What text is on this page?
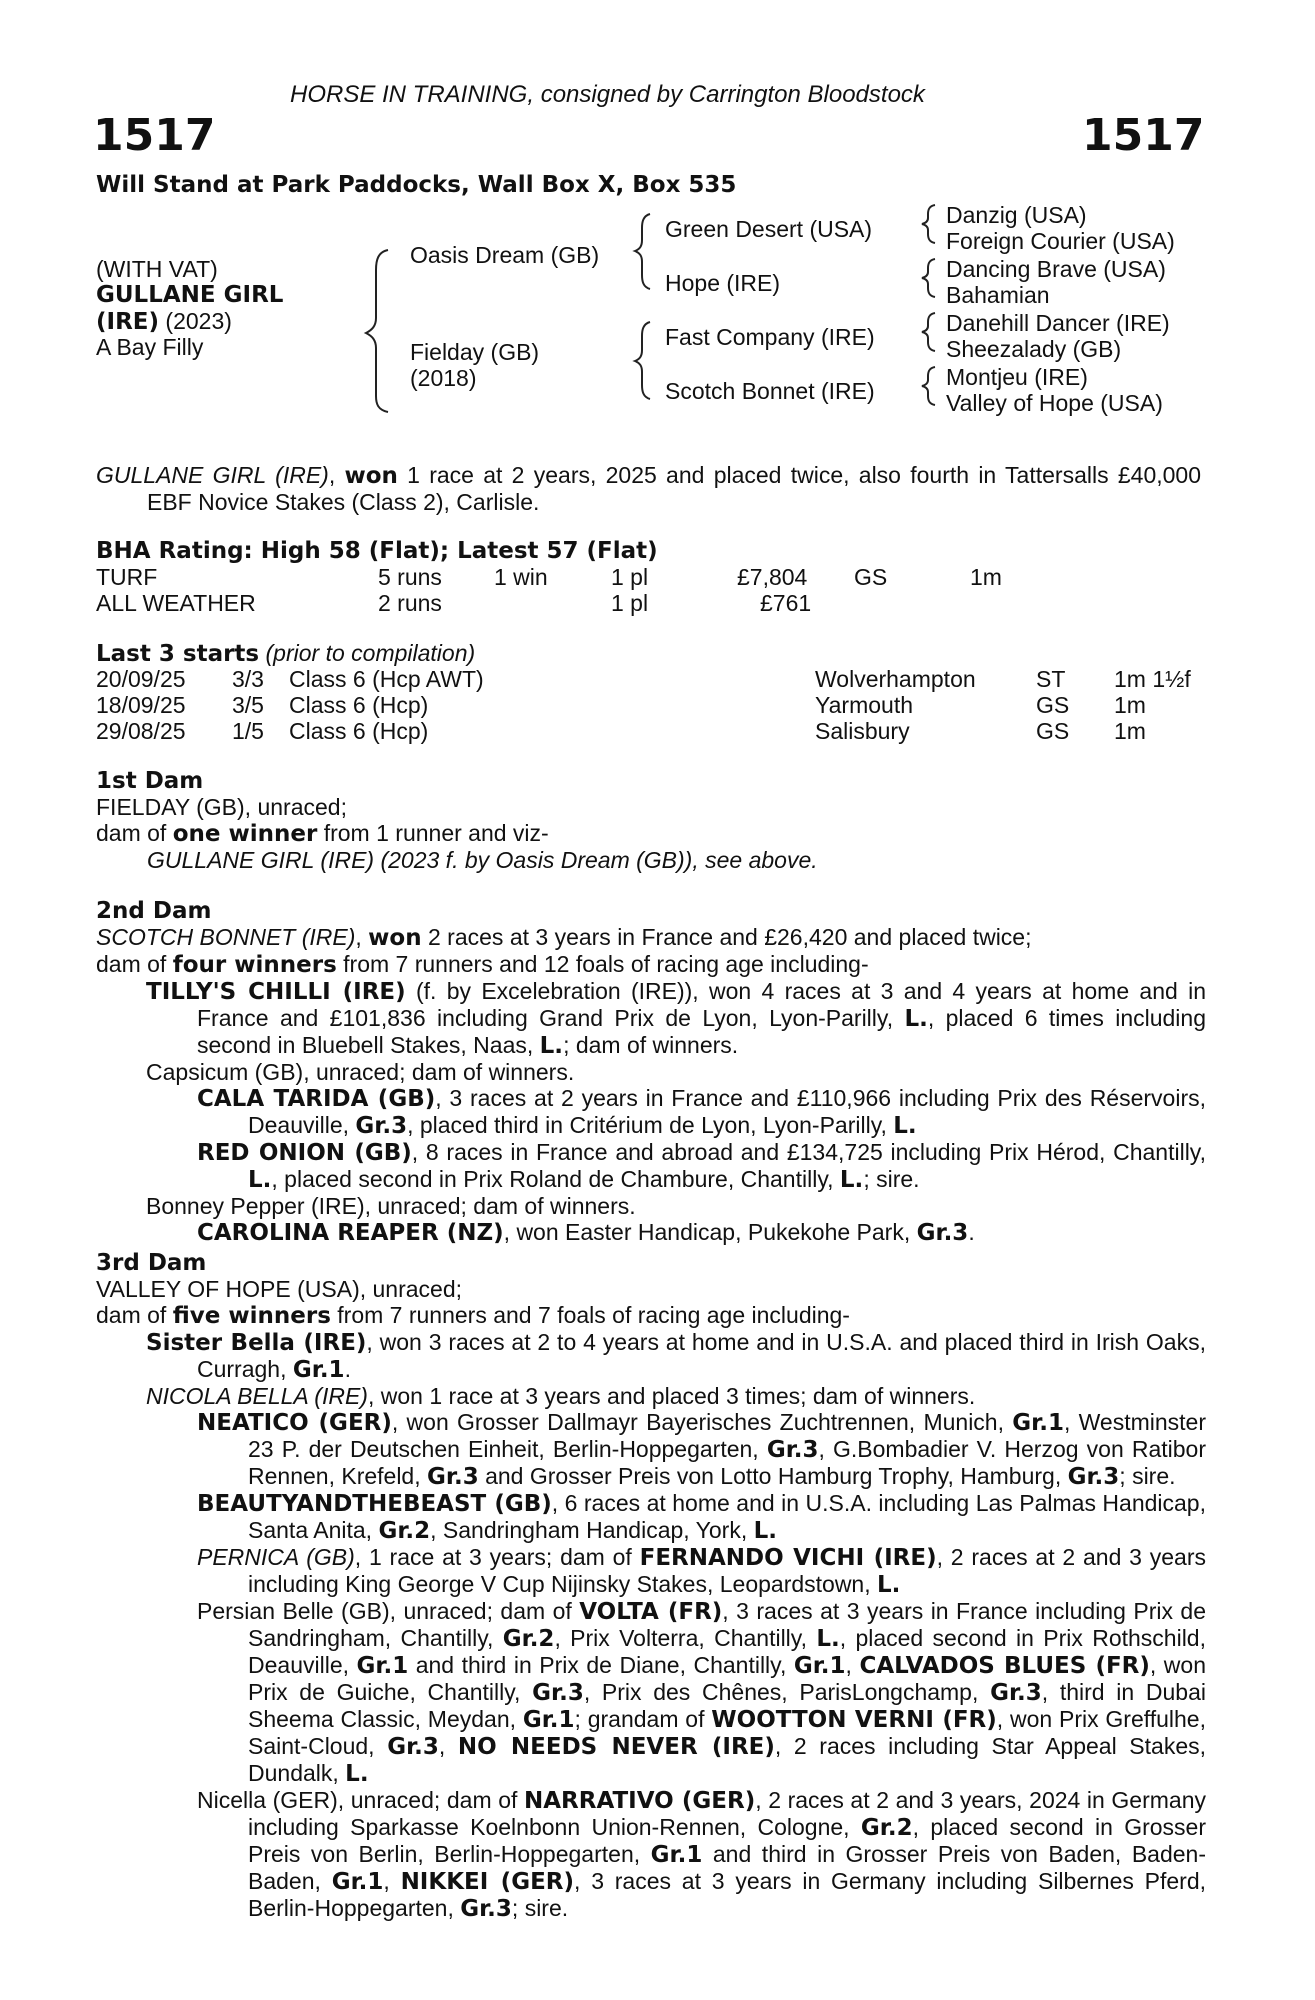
HORSE IN TRAINING, consigned by Carrington Bloodstock
1517	1517
Will Stand at Park Paddocks, Wall Box X, Box 535
(WITH VAT)
GULLANE GIRL
(IRE) (2023)
A Bay Filly
Oasis Dream (GB)
Fielday (GB)
(2018)
Green Desert (USA)
Hope (IRE)
Fast Company (IRE)
Scotch Bonnet (IRE)
Danzig (USA)
Foreign Courier (USA)
Dancing Brave (USA)
Bahamian
Danehill Dancer (IRE)
Sheezalady (GB)
Montjeu (IRE)
Valley of Hope (USA)

GULLANE GIRL (IRE), won 1 race at 2 years, 2025 and placed twice, also fourth in Tattersalls £40,000 EBF Novice Stakes (Class 2), Carlisle.

BHA Rating: High 58 (Flat); Latest 57 (Flat)
TURF	5 runs 1 win	1 pl	£7,804 GS	1m
ALL WEATHER	2 runs	1 pl	£761
Last 3 starts (prior to compilation)
20/09/25 3/3 Class 6 (Hcp AWT)	Wolverhampton	ST 1m 1½f
18/09/25 3/5 Class 6 (Hcp)	Yarmouth	GS 1m
29/08/25 1/5 Class 6 (Hcp)	Salisbury	GS 1m

1st Dam

FIELDAY (GB), unraced;

dam of one winner from 1 runner and viz-

GULLANE GIRL (IRE) (2023 f. by Oasis Dream (GB)), see above.

2nd Dam

SCOTCH BONNET (IRE), won 2 races at 3 years in France and £26,420 and placed twice;

dam of four winners from 7 runners and 12 foals of racing age including-

TILLY'S CHILLI (IRE) (f. by Excelebration (IRE)), won 4 races at 3 and 4 years at home and in France and £101,836 including Grand Prix de Lyon, Lyon-Parilly, L., placed 6 times including second in Bluebell Stakes, Naas, L.; dam of winners.

Capsicum (GB), unraced; dam of winners.

CALA TARIDA (GB), 3 races at 2 years in France and £110,966 including Prix des Réservoirs, Deauville, Gr.3, placed third in Critérium de Lyon, Lyon-Parilly, L.

RED ONION (GB), 8 races in France and abroad and £134,725 including Prix Hérod, Chantilly, L., placed second in Prix Roland de Chambure, Chantilly, L.; sire.

Bonney Pepper (IRE), unraced; dam of winners.

CAROLINA REAPER (NZ), won Easter Handicap, Pukekohe Park, Gr.3.

3rd Dam

VALLEY OF HOPE (USA), unraced;

dam of five winners from 7 runners and 7 foals of racing age including-

Sister Bella (IRE), won 3 races at 2 to 4 years at home and in U.S.A. and placed third in Irish Oaks, Curragh, Gr.1.

NICOLA BELLA (IRE), won 1 race at 3 years and placed 3 times; dam of winners.

NEATICO (GER), won Grosser Dallmayr Bayerisches Zuchtrennen, Munich, Gr.1, Westminster 23 P. der Deutschen Einheit, Berlin-Hoppegarten, Gr.3, G.Bombadier V. Herzog von Ratibor Rennen, Krefeld, Gr.3 and Grosser Preis von Lotto Hamburg Trophy, Hamburg, Gr.3; sire.

BEAUTYANDTHEBEAST (GB), 6 races at home and in U.S.A. including Las Palmas Handicap, Santa Anita, Gr.2, Sandringham Handicap, York, L.

PERNICA (GB), 1 race at 3 years; dam of FERNANDO VICHI (IRE), 2 races at 2 and 3 years including King George V Cup Nijinsky Stakes, Leopardstown, L.

Persian Belle (GB), unraced; dam of VOLTA (FR), 3 races at 3 years in France including Prix de Sandringham, Chantilly, Gr.2, Prix Volterra, Chantilly, L., placed second in Prix Rothschild, Deauville, Gr.1 and third in Prix de Diane, Chantilly, Gr.1, CALVADOS BLUES (FR), won Prix de Guiche, Chantilly, Gr.3, Prix des Chênes, ParisLongchamp, Gr.3, third in Dubai Sheema Classic, Meydan, Gr.1; grandam of WOOTTON VERNI (FR), won Prix Greffulhe, Saint-Cloud, Gr.3, NO NEEDS NEVER (IRE), 2 races including Star Appeal Stakes, Dundalk, L.

Nicella (GER), unraced; dam of NARRATIVO (GER), 2 races at 2 and 3 years, 2024 in Germany including Sparkasse Koelnbonn Union-Rennen, Cologne, Gr.2, placed second in Grosser Preis von Berlin, Berlin-Hoppegarten, Gr.1 and third in Grosser Preis von Baden, Baden-Baden, Gr.1, NIKKEI (GER), 3 races at 3 years in Germany including Silbernes Pferd, Berlin-Hoppegarten, Gr.3; sire.
